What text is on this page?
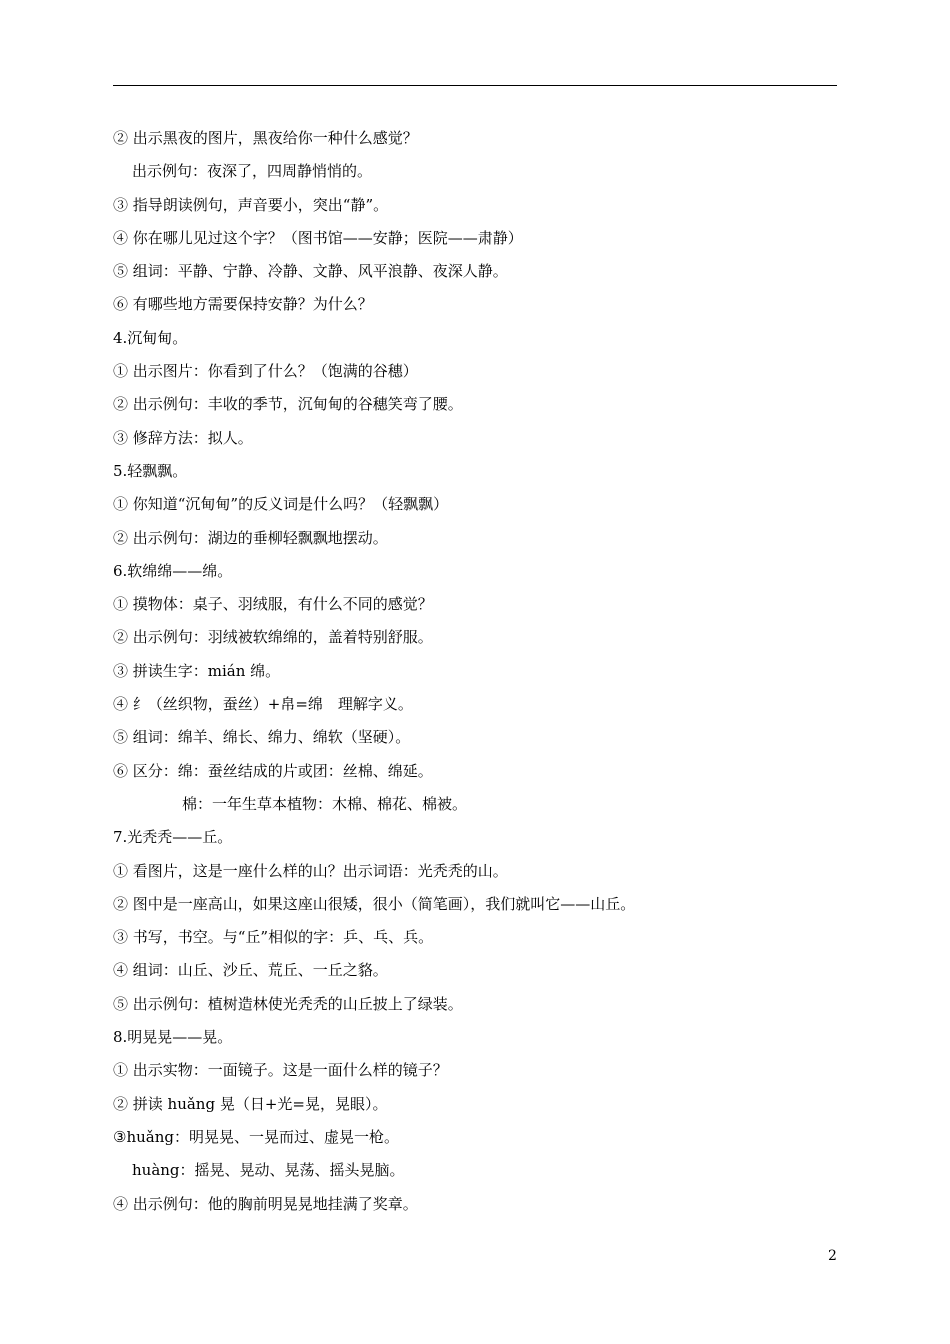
② 出示黑夜的图片，黑夜给你一种什么感觉？
出示例句：夜深了，四周静悄悄的。
③ 指导朗读例句，声音要小，突出“静”。
④ 你在哪儿见过这个字？（图书馆——安静；医院——肃静）
⑤ 组词：平静、宁静、冷静、文静、风平浪静、夜深人静。
⑥ 有哪些地方需要保持安静？为什么？
4.沉甸甸。
① 出示图片：你看到了什么？（饱满的谷穗）
② 出示例句：丰收的季节，沉甸甸的谷穗笑弯了腰。
③ 修辞方法：拟人。
5.轻飘飘。
① 你知道“沉甸甸”的反义词是什么吗？（轻飘飘）
② 出示例句：湖边的垂柳轻飘飘地摆动。
6.软绵绵——绵。
① 摸物体：桌子、羽绒服，有什么不同的感觉？
② 出示例句：羽绒被软绵绵的，盖着特别舒服。
③ 拼读生字：mián 绵。
④ 纟（丝织物，蚕丝）+帛=绵　理解字义。
⑤ 组词：绵羊、绵长、绵力、绵软（坚硬）。
⑥ 区分：绵：蚕丝结成的片或团：丝棉、绵延。
棉：一年生草本植物：木棉、棉花、棉被。
7.光秃秃——丘。
① 看图片，这是一座什么样的山？出示词语：光秃秃的山。
② 图中是一座高山，如果这座山很矮，很小（简笔画），我们就叫它——山丘。
③ 书写，书空。与“丘”相似的字：乒、乓、兵。
④ 组词：山丘、沙丘、荒丘、一丘之貉。
⑤ 出示例句：植树造林使光秃秃的山丘披上了绿装。
8.明晃晃——晃。
① 出示实物：一面镜子。这是一面什么样的镜子？
② 拼读 huǎng 晃（日+光=晃，晃眼）。
③huǎng：明晃晃、一晃而过、虚晃一枪。
huàng：摇晃、晃动、晃荡、摇头晃脑。
④ 出示例句：他的胸前明晃晃地挂满了奖章。
2
